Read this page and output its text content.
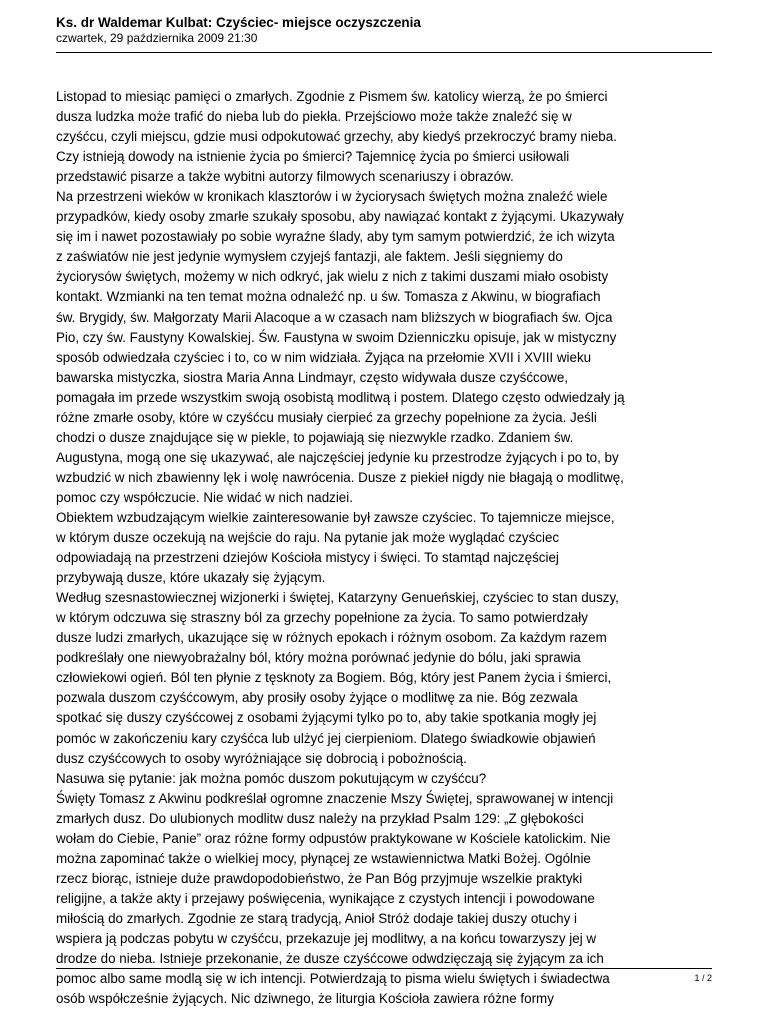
Ks. dr Waldemar Kulbat: Czyściec- miejsce oczyszczenia
czwartek, 29 października 2009 21:30
Listopad to miesiąc pamięci o zmarłych. Zgodnie z Pismem św. katolicy wierzą, że po śmierci
dusza ludzka może trafić do nieba lub do piekła. Przejściowo może także znaleźć się w
czyśćcu, czyli miejscu, gdzie musi odpokutować grzechy, aby kiedyś przekroczyć bramy nieba.
Czy istnieją dowody na istnienie życia po śmierci? Tajemnicę życia po śmierci usiłowali
przedstawić pisarze a także wybitni autorzy filmowych scenariuszy i obrazów.
Na przestrzeni wieków w kronikach klasztorów i w życiorysach świętych można znaleźć wiele
przypadków, kiedy osoby zmarłe szukały sposobu, aby nawiązać kontakt z żyjącymi. Ukazywały
się im i nawet pozostawiały po sobie wyraźne ślady, aby tym samym potwierdzić, że ich wizyta
z zaświatów nie jest jedynie wymysłem czyjejś fantazji, ale faktem. Jeśli sięgniemy do
życiorysów świętych, możemy w nich odkryć, jak wielu z nich z takimi duszami miało osobisty
kontakt. Wzmianki na ten temat można odnaleźć np. u św. Tomasza z Akwinu, w biografiach
św. Brygidy, św. Małgorzaty Marii Alacoque a w czasach nam bliższych w biografiach św. Ojca
Pio, czy św. Faustyny Kowalskiej. Św. Faustyna w swoim Dzienniczku opisuje, jak w mistyczny
sposób odwiedzała czyściec i to, co w nim widziała. Żyjąca na przełomie XVII i XVIII wieku
bawarska mistyczka, siostra Maria Anna Lindmayr, często widywała dusze czyśćcowe,
pomagała im przede wszystkim swoją osobistą modlitwą i postem. Dlatego często odwiedzały ją
różne zmarłe osoby, które w czyśćcu musiały cierpieć za grzechy popełnione za życia. Jeśli
chodzi o dusze znajdujące się w piekle, to pojawiają się niezwykle rzadko. Zdaniem św.
Augustyna, mogą one się ukazywać, ale najczęściej jedynie ku przestrodze żyjących i po to, by
wzbudzić w nich zbawienny lęk i wolę nawrócenia. Dusze z piekieł nigdy nie błagają o modlitwę,
pomoc czy współczucie. Nie widać w nich nadziei.
Obiektem wzbudzającym wielkie zainteresowanie był zawsze czyściec. To tajemnicze miejsce,
w którym dusze oczekują na wejście do raju. Na pytanie jak może wyglądać czyściec
odpowiadają na przestrzeni dziejów Kościoła mistycy i święci. To stamtąd najczęściej
przybywają dusze, które ukazały się żyjącym.
Według szesnastowiecznej wizjonerki i świętej, Katarzyny Genueńskiej, czyściec to stan duszy,
w którym odczuwa się straszny ból za grzechy popełnione za życia. To samo potwierdzały
dusze ludzi zmarłych, ukazujące się w różnych epokach i różnym osobom. Za każdym razem
podkreślały one niewyobrażalny ból, który można porównać jedynie do bólu, jaki sprawia
człowiekowi ogień. Ból ten płynie z tęsknoty za Bogiem. Bóg, który jest Panem życia i śmierci,
pozwala duszom czyśćcowym, aby prosiły osoby żyjące o modlitwę za nie. Bóg zezwala
spotkać się duszy czyśćcowej z osobami żyjącymi tylko po to, aby takie spotkania mogły jej
pomóc w zakończeniu kary czyśćca lub ulżyć jej cierpieniom. Dlatego świadkowie objawień
dusz czyśćcowych to osoby wyróżniające się dobrocią i pobożnością.
Nasuwa się pytanie: jak można pomóc duszom pokutującym w czyśćcu?
Święty Tomasz z Akwinu podkreślał ogromne znaczenie Mszy Świętej, sprawowanej w intencji
zmarłych dusz. Do ulubionych modlitw dusz należy na przykład Psalm 129: „Z głębokości
wołam do Ciebie, Panie” oraz różne formy odpustów praktykowane w Kościele katolickim. Nie
można zapominać także o wielkiej mocy, płynącej ze wstawiennictwa Matki Bożej. Ogólnie
rzecz biorąc, istnieje duże prawdopodobieństwo, że Pan Bóg przyjmuje wszelkie praktyki
religijne, a także akty i przejawy poświęcenia, wynikające z czystych intencji i powodowane
miłością do zmarłych. Zgodnie ze starą tradycją, Anioł Stróż dodaje takiej duszy otuchy i
wspiera ją podczas pobytu w czyśćcu, przekazuje jej modlitwy, a na końcu towarzyszy jej w
drodze do nieba. Istnieje przekonanie, że dusze czyśćcowe odwdzięczają się żyjącym za ich
pomoc albo same modlą się w ich intencji. Potwierdzają to pisma wielu świętych i świadectwa
osób współcześnie żyjących. Nic dziwnego, że liturgia Kościoła zawiera różne formy
1 / 2
